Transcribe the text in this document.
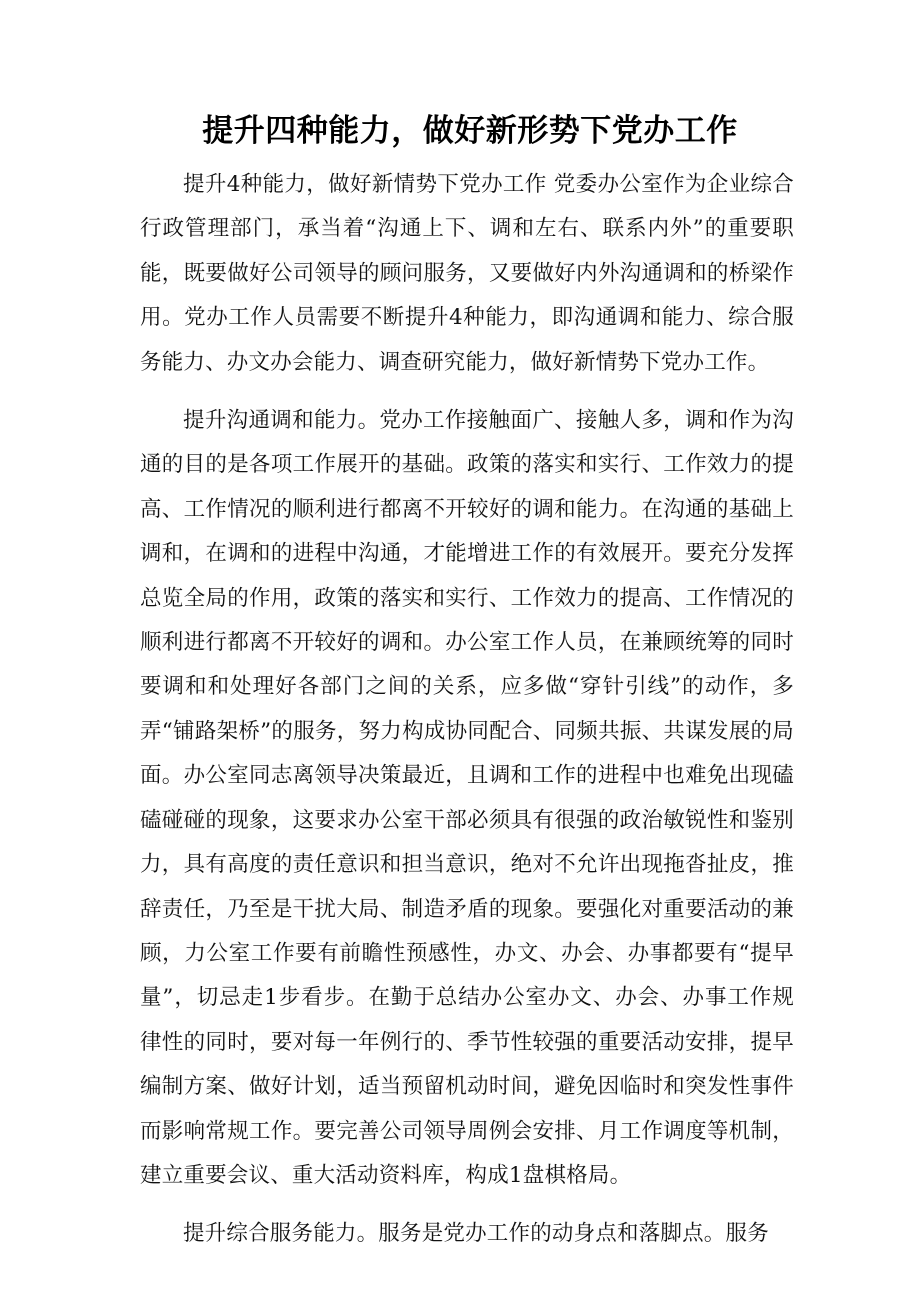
提升四种能力，做好新形势下党办工作

提升4种能力，做好新情势下党办工作 党委办公室作为企业综合行政管理部门，承当着“沟通上下、调和左右、联系内外”的重要职能，既要做好公司领导的顾问服务，又要做好内外沟通调和的桥梁作用。党办工作人员需要不断提升4种能力，即沟通调和能力、综合服务能力、办文办会能力、调查研究能力，做好新情势下党办工作。

提升沟通调和能力。党办工作接触面广、接触人多，调和作为沟通的目的是各项工作展开的基础。政策的落实和实行、工作效力的提高、工作情况的顺利进行都离不开较好的调和能力。在沟通的基础上调和，在调和的进程中沟通，才能增进工作的有效展开。要充分发挥总览全局的作用，政策的落实和实行、工作效力的提高、工作情况的顺利进行都离不开较好的调和。办公室工作人员，在兼顾统筹的同时要调和和处理好各部门之间的关系，应多做“穿针引线”的动作，多弄“铺路架桥”的服务，努力构成协同配合、同频共振、共谋发展的局面。办公室同志离领导决策最近，且调和工作的进程中也难免出现磕磕碰碰的现象，这要求办公室干部必须具有很强的政治敏锐性和鉴别力，具有高度的责任意识和担当意识，绝对不允许出现拖沓扯皮，推辞责任，乃至是干扰大局、制造矛盾的现象。要强化对重要活动的兼顾，力公室工作要有前瞻性预感性，办文、办会、办事都要有“提早量”，切忌走1步看步。在勤于总结办公室办文、办会、办事工作规律性的同时，要对每一年例行的、季节性较强的重要活动安排，提早编制方案、做好计划，适当预留机动时间，避免因临时和突发性事件而影响常规工作。要完善公司领导周例会安排、月工作调度等机制，建立重要会议、重大活动资料库，构成1盘棋格局。

提升综合服务能力。服务是党办工作的动身点和落脚点。服务
